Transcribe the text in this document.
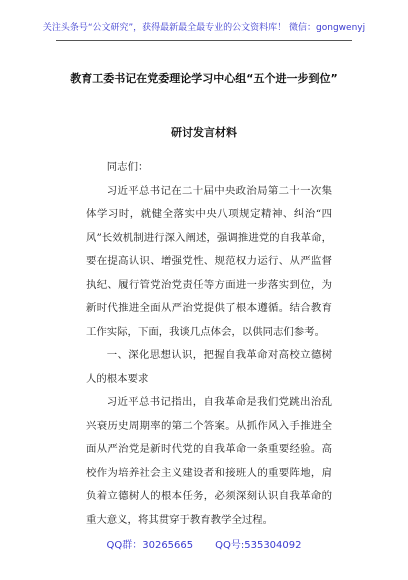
关注头条号“公文研究”，获得最新最全最专业的公文资料库！ 微信：gongwenyj
教育工委书记在党委理论学习中心组“五个进一步到位”
研讨发言材料

同志们：

习近平总书记在二十届中央政治局第二十一次集体学习时，就健全落实中央八项规定精神、纠治“四风”长效机制进行深入阐述，强调推进党的自我革命，要在提高认识、增强党性、规范权力运行、从严监督执纪、履行管党治党责任等方面进一步落实到位，为新时代推进全面从严治党提供了根本遵循。结合教育工作实际，下面，我谈几点体会，以供同志们参考。

一、深化思想认识，把握自我革命对高校立德树人的根本要求

习近平总书记指出，自我革命是我们党跳出治乱兴衰历史周期率的第二个答案。从抓作风入手推进全面从严治党是新时代党的自我革命一条重要经验。高校作为培养社会主义建设者和接班人的重要阵地，肩负着立德树人的根本任务，必须深刻认识自我革命的重大意义，将其贯穿于教育教学全过程。

QQ群：30265665 QQ号:535304092
